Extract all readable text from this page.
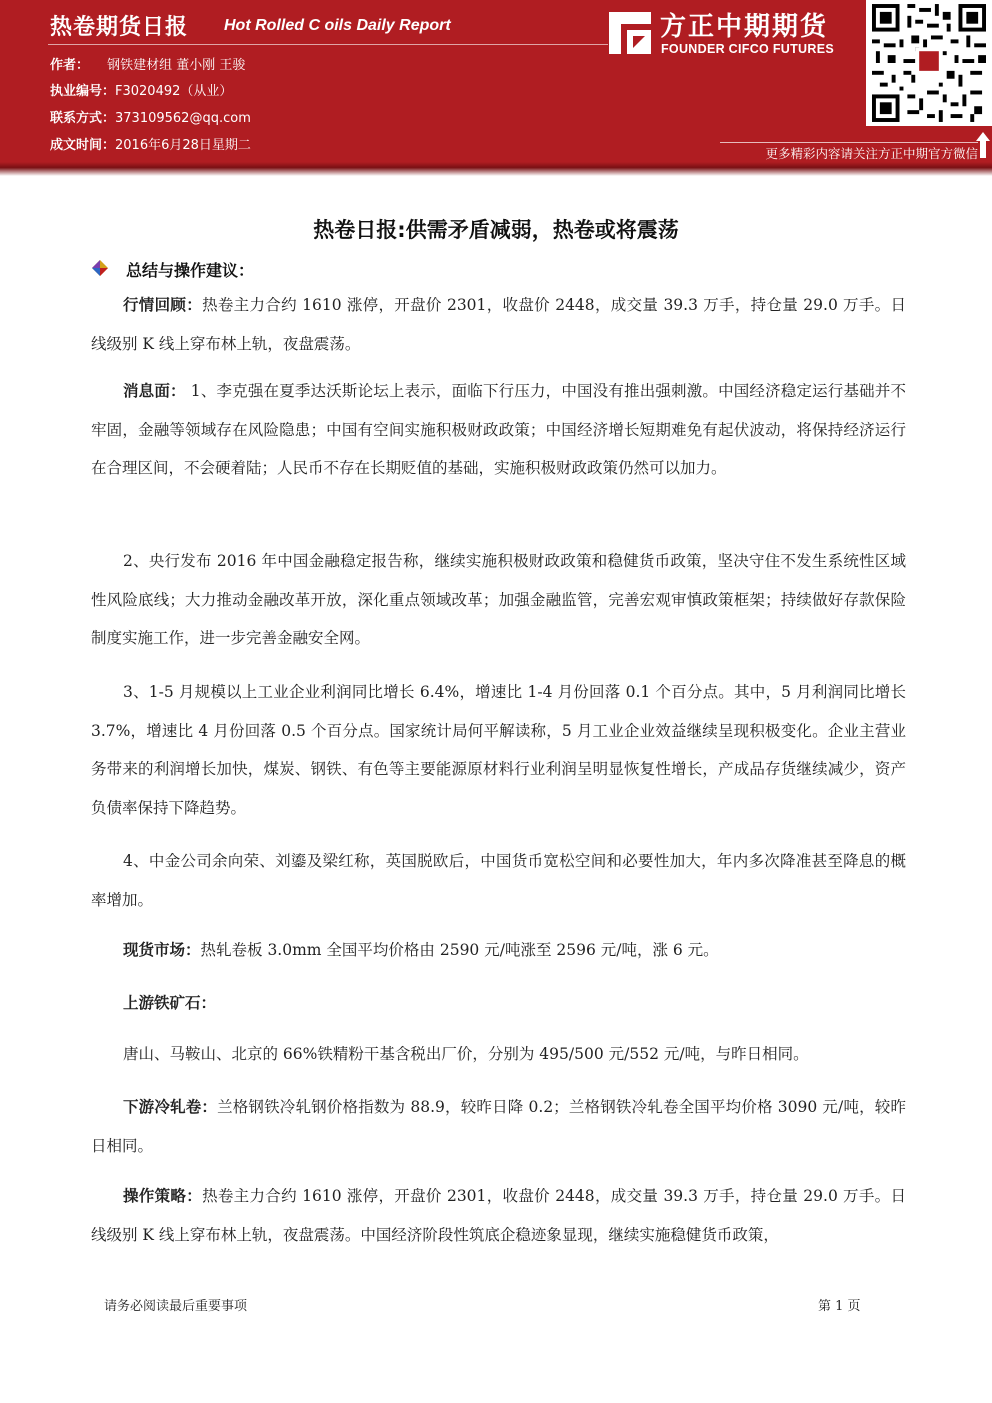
热卷期货日报 Hot Rolled C oils Daily Report
作者： 钢铁建材组 董小刚 王骏
执业编号：F3020492（从业）
联系方式：373109562@qq.com
成文时间：2016年6月28日星期二
方正中期期货
FOUNDER CIFCO FUTURES
更多精彩内容请关注方正中期官方微信
热卷日报:供需矛盾减弱，热卷或将震荡
总结与操作建议：
行情回顾：热卷主力合约 1610 涨停，开盘价 2301，收盘价 2448，成交量 39.3 万手，持仓量 29.0 万手。日线级别 K 线上穿布林上轨，夜盘震荡。
消息面： 1、李克强在夏季达沃斯论坛上表示，面临下行压力，中国没有推出强刺激。中国经济稳定运行基础并不牢固，金融等领域存在风险隐患；中国有空间实施积极财政政策；中国经济增长短期难免有起伏波动，将保持经济运行在合理区间，不会硬着陆；人民币不存在长期贬值的基础，实施积极财政政策仍然可以加力。
2、央行发布 2016 年中国金融稳定报告称，继续实施积极财政政策和稳健货币政策，坚决守住不发生系统性区域性风险底线；大力推动金融改革开放，深化重点领域改革；加强金融监管，完善宏观审慎政策框架；持续做好存款保险制度实施工作，进一步完善金融安全网。
3、1-5 月规模以上工业企业利润同比增长 6.4%，增速比 1-4 月份回落 0.1 个百分点。其中，5 月利润同比增长 3.7%，增速比 4 月份回落 0.5 个百分点。国家统计局何平解读称，5 月工业企业效益继续呈现积极变化。企业主营业务带来的利润增长加快，煤炭、钢铁、有色等主要能源原材料行业利润呈明显恢复性增长，产成品存货继续减少，资产负债率保持下降趋势。
4、中金公司余向荣、刘鎏及梁红称，英国脱欧后，中国货币宽松空间和必要性加大，年内多次降准甚至降息的概率增加。
现货市场：热轧卷板 3.0mm 全国平均价格由 2590 元/吨涨至 2596 元/吨，涨 6 元。
上游铁矿石：
唐山、马鞍山、北京的 66%铁精粉干基含税出厂价，分别为 495/500 元/552 元/吨，与昨日相同。
下游冷轧卷：兰格钢铁冷轧钢价格指数为 88.9，较昨日降 0.2；兰格钢铁冷轧卷全国平均价格 3090 元/吨，较昨日相同。
操作策略：热卷主力合约 1610 涨停，开盘价 2301，收盘价 2448，成交量 39.3 万手，持仓量 29.0 万手。日线级别 K 线上穿布林上轨，夜盘震荡。中国经济阶段性筑底企稳迹象显现，继续实施稳健货币政策，
请务必阅读最后重要事项	第 1 页
